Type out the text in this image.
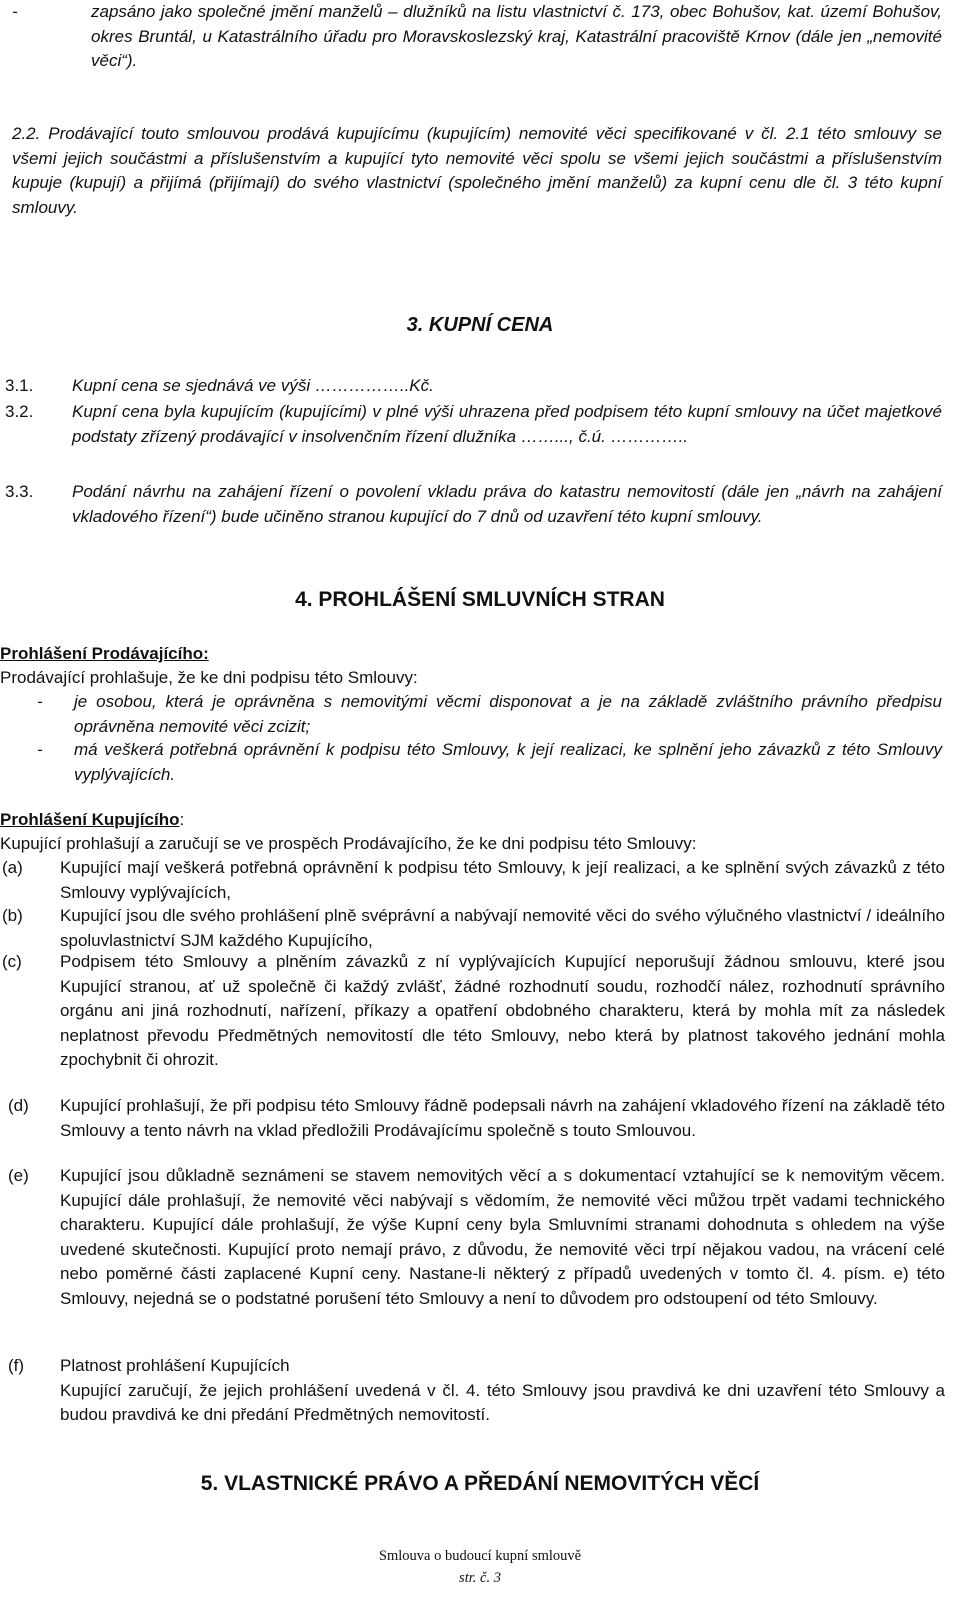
-	zapsáno jako společné jmění manželů – dlužníků na listu vlastnictví č. 173, obec Bohušov, kat. území Bohušov, okres Bruntál, u Katastrálního úřadu pro Moravskoslezský kraj, Katastrální pracoviště Krnov (dále jen „nemovité věci“).
2.2. Prodávající touto smlouvou prodává kupujícímu (kupujícím) nemovité věci specifikované v čl. 2.1 této smlouvy se všemi jejich součástmi a příslušenstvím a kupující tyto nemovité věci spolu se všemi jejich součástmi a příslušenstvím kupuje (kupují) a přijímá (přijímají) do svého vlastnictví (společného jmění manželů) za kupní cenu dle čl. 3 této kupní smlouvy.
3. KUPNÍ CENA
3.1.	Kupní cena se sjednává ve výši ……………..Kč.
3.2.	Kupní cena byla kupujícím (kupujícími) v plné výši uhrazena před podpisem této kupní smlouvy na účet majetkové podstaty zřízený prodávající v insolvenčním řízení dlužníka ……..., č.ú. …………..
3.3.	Podání návrhu na zahájení řízení o povolení vkladu práva do katastru nemovitostí (dále jen „návrh na zahájení vkladového řízení“) bude učiněno stranou kupující do 7 dnů od uzavření této kupní smlouvy.
4. PROHLÁŠENÍ SMLUVNÍCH STRAN
Prohlášení Prodávajícího:
Prodávající prohlašuje, že ke dni podpisu této Smlouvy:
-	je osobou, která je oprávněna s nemovitými věcmi disponovat a je na základě zvláštního právního předpisu oprávněna nemovité věci zcizit;
-	má veškerá potřebná oprávnění k podpisu této Smlouvy, k její realizaci, ke splnění jeho závazků z této Smlouvy vyplývajících.
Prohlášení Kupujícího:
Kupující prohlašují a zaručují se ve prospěch Prodávajícího, že ke dni podpisu této Smlouvy:
(a)	Kupující mají veškerá potřebná oprávnění k podpisu této Smlouvy, k její realizaci, a ke splnění svých závazků z této Smlouvy vyplývajících,
(b)	Kupující jsou dle svého prohlášení plně svéprávní a nabývají nemovité věci do svého výlučného vlastnictví / ideálního spoluvlastnictví SJM každého Kupujícího,
(c)	Podpisem této Smlouvy a plněním závazků z ní vyplývajících Kupující neporušují žádnou smlouvu, které jsou Kupující stranou, ať už společně či každý zvlášť, žádné rozhodnutí soudu, rozhodčí nález, rozhodnutí správního orgánu ani jiná rozhodnutí, nařízení, příkazy a opatření obdobného charakteru, která by mohla mít za následek neplatnost převodu Předmětných nemovitostí dle této Smlouvy, nebo která by platnost takového jednání mohla zpochybnit či ohrozit.
(d)	Kupující prohlašují, že při podpisu této Smlouvy řádně podepsali návrh na zahájení vkladového řízení na základě této Smlouvy a tento návrh na vklad předložili Prodávajícímu společně s touto Smlouvou.
(e)	Kupující jsou důkladně seznámeni se stavem nemovitých věcí a s dokumentací vztahující se k nemovitým věcem. Kupující dále prohlašují, že nemovité věci nabývají s vědomím, že nemovité věci můžou trpět vadami technického charakteru. Kupující dále prohlašují, že výše Kupní ceny byla Smluvními stranami dohodnuta s ohledem na výše uvedené skutečnosti. Kupující proto nemají právo, z důvodu, že nemovité věci trpí nějakou vadou, na vrácení celé nebo poměrné části zaplacené Kupní ceny. Nastane-li některý z případů uvedených v tomto čl. 4. písm. e) této Smlouvy, nejedná se o podstatné porušení této Smlouvy a není to důvodem pro odstoupení od této Smlouvy.
(f)	Platnost prohlášení Kupujících
Kupující zaručují, že jejich prohlášení uvedená v čl. 4. této Smlouvy jsou pravdivá ke dni uzavření této Smlouvy a budou pravdivá ke dni předání Předmětných nemovitostí.
5. VLASTNICKÉ PRÁVO A PŘEDÁNÍ NEMOVITÝCH VĚCÍ
Smlouva o budoucí kupní smlouvě
str. č. 3
